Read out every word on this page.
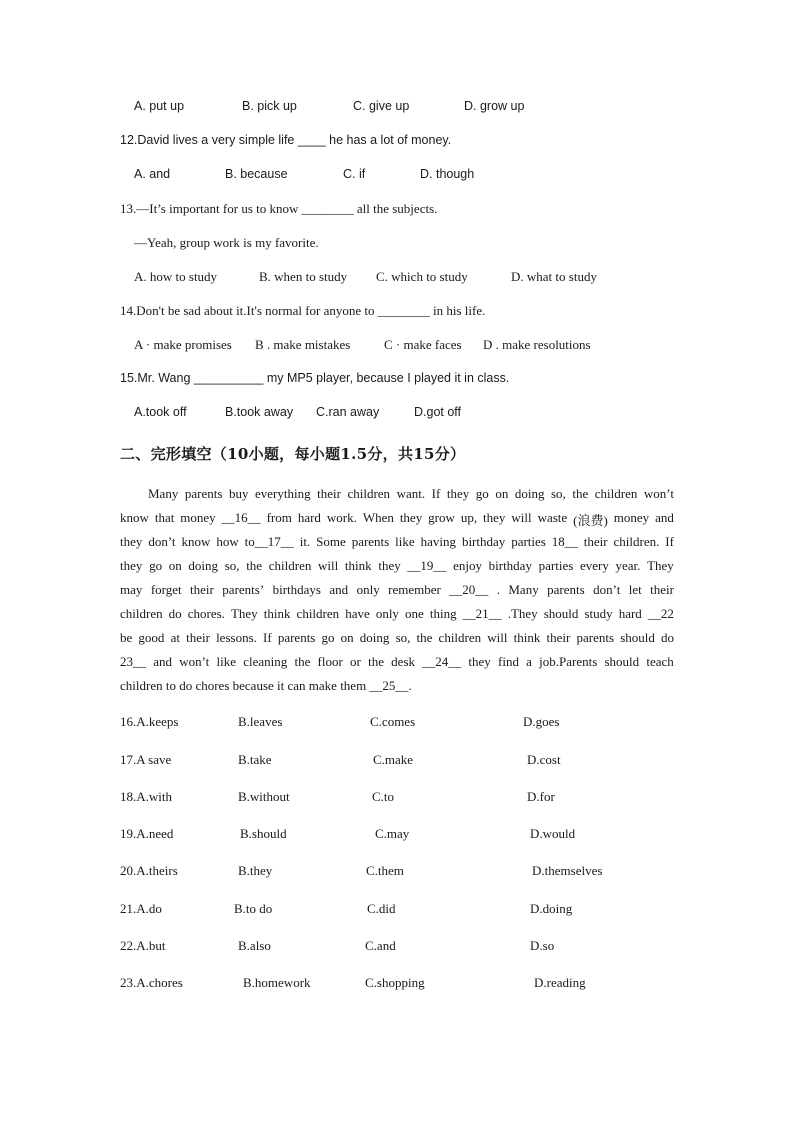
A. put up	B. pick up	C. give up	D. grow up
12.David lives a very simple life ____ he has a lot of money.
A. and	B. because	C. if	D. though
13.—It’s important for us to know ________ all the subjects.
—Yeah, group work is my favorite.
A. how to study	B. when to study C. which to study	D. what to study
14.Don't be sad about it.It's normal for anyone to ________ in his life.
A · make promises B . make mistakes	C · make faces D . make resolutions
15.Mr. Wang __________ my MP5 player, because I played it in class.
A.took off	B.took away C.ran away	D.got off
二、完形填空（10小题，每小题1.5分，共15分）
Many parents buy everything their children want. If they go on doing so, the children won’t
know that money __16__ from hard work. When they grow up, they will waste (浪费) money and
they don’t know how to__17__ it. Some parents like having birthday parties 18__ their children. If
they go on doing so, the children will think they __19__ enjoy birthday parties every year. They
may forget their parents’ birthdays and only remember __20__ . Many parents don’t let their
children do chores. They think children have only one thing __21__ .They should study hard __22
be good at their lessons. If parents go on doing so, the children will think their parents should do
23__ and won’t like cleaning the floor or the desk __24__ they find a job.Parents should teach
children to do chores because it can make them __25__.
16.A.keeps	B.leaves	C.comes	D.goes
17.A save	B.take	C.make	D.cost
18.A.with	B.without	C.to	D.for
19.A.need	B.should	C.may	D.would
20.A.theirs	B.they	C.them	D.themselves
21.A.do	B.to do	C.did	D.doing
22.A.but	B.also	C.and	D.so
23.A.chores	B.homework	C.shopping	D.reading
